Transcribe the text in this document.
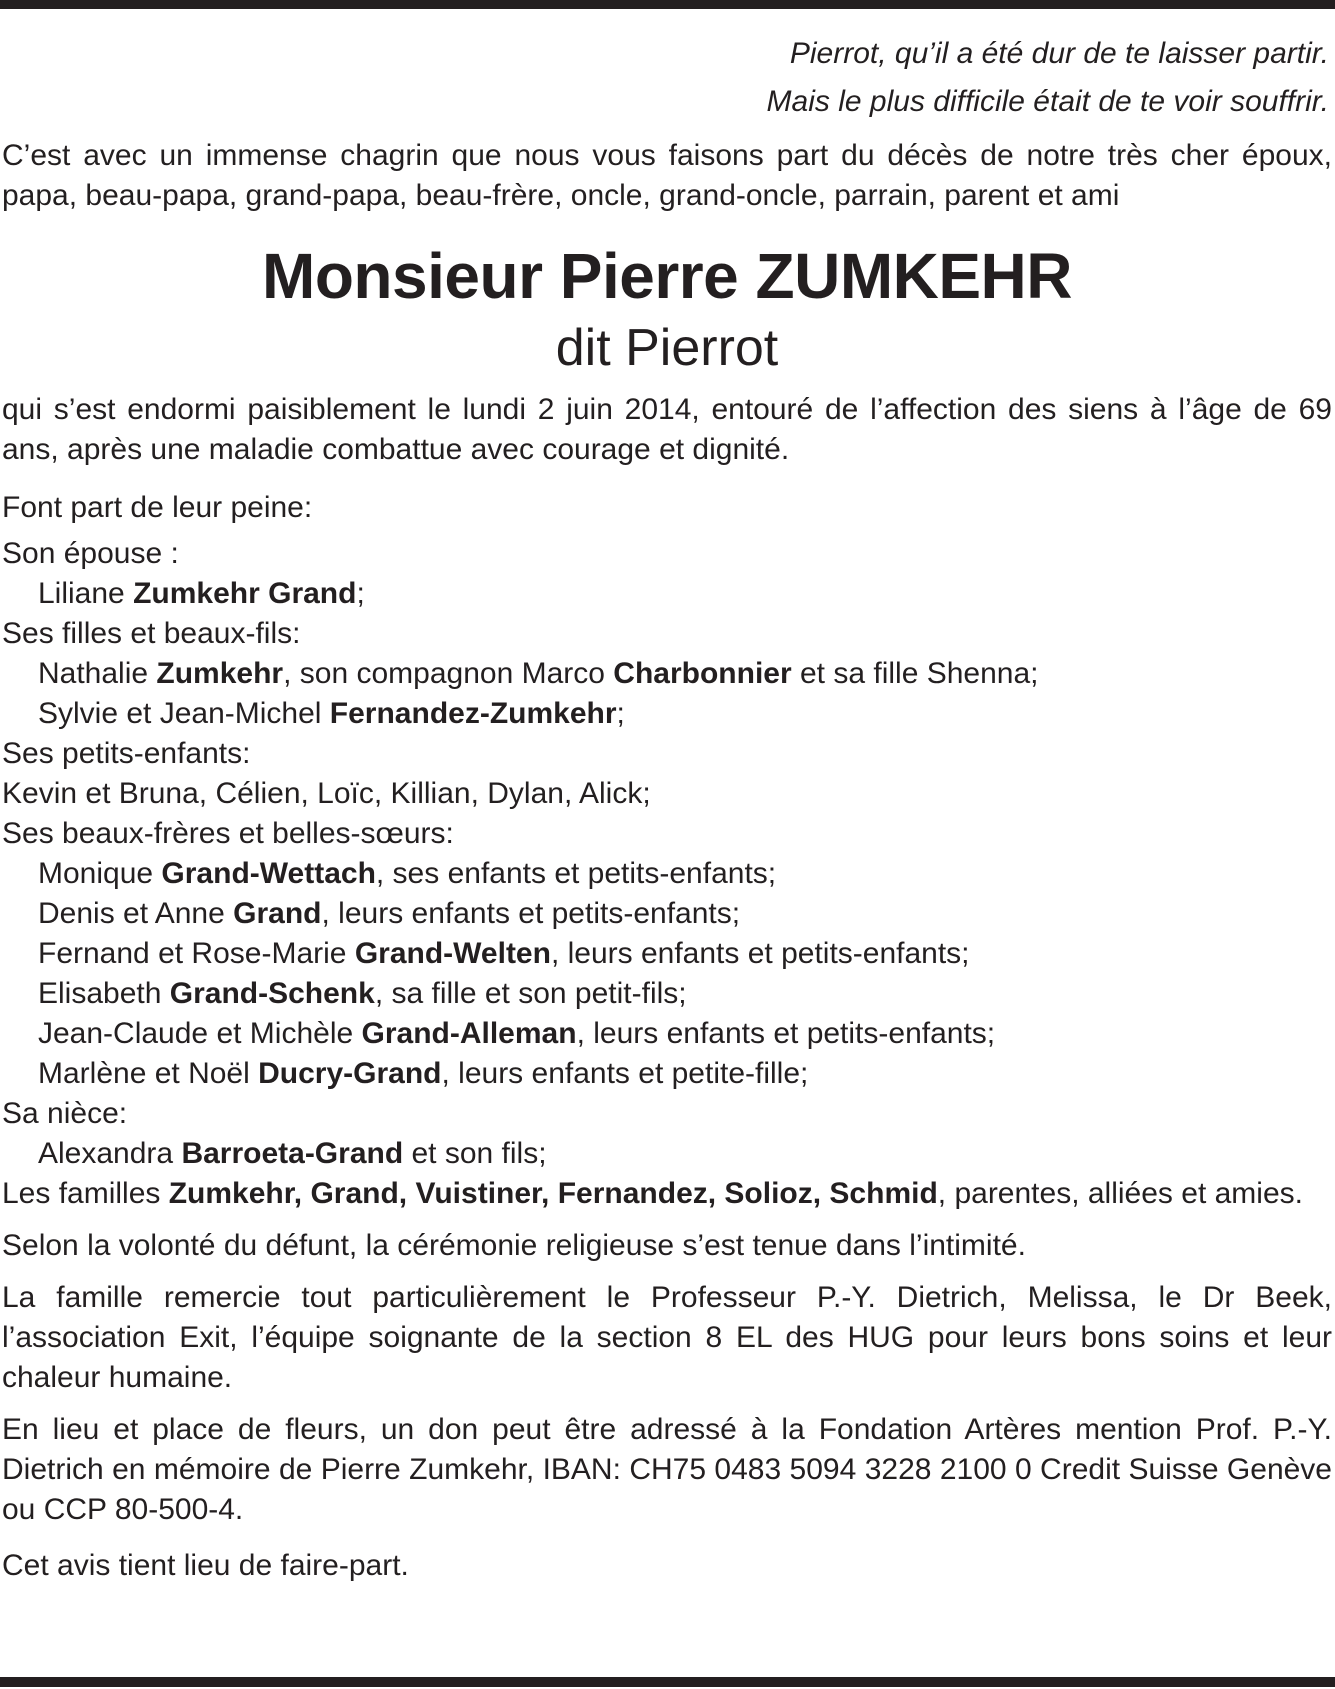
Pierrot, qu’il a été dur de te laisser partir.
Mais le plus difficile était de te voir souffrir.
C’est avec un immense chagrin que nous vous faisons part du décès de notre très cher époux, papa, beau-papa, grand-papa, beau-frère, oncle, grand-oncle, parrain, parent et ami
Monsieur Pierre ZUMKEHR
dit Pierrot
qui s’est endormi paisiblement le lundi 2 juin 2014, entouré de l’affection des siens à l’âge de 69 ans, après une maladie combattue avec courage et dignité.
Font part de leur peine:
Son épouse :
Liliane Zumkehr Grand;
Ses filles et beaux-fils:
Nathalie Zumkehr, son compagnon Marco Charbonnier et sa fille Shenna;
Sylvie et Jean-Michel Fernandez-Zumkehr;
Ses petits-enfants:
Kevin et Bruna, Célien, Loïc, Killian, Dylan, Alick;
Ses beaux-frères et belles-sœurs:
Monique Grand-Wettach, ses enfants et petits-enfants;
Denis et Anne Grand, leurs enfants et petits-enfants;
Fernand et Rose-Marie Grand-Welten, leurs enfants et petits-enfants;
Elisabeth Grand-Schenk, sa fille et son petit-fils;
Jean-Claude et Michèle Grand-Alleman, leurs enfants et petits-enfants;
Marlène et Noël Ducry-Grand, leurs enfants et petite-fille;
Sa nièce:
Alexandra Barroeta-Grand et son fils;
Les familles Zumkehr, Grand, Vuistiner, Fernandez, Solioz, Schmid, parentes, alliées et amies.
Selon la volonté du défunt, la cérémonie religieuse s’est tenue dans l’intimité.
La famille remercie tout particulièrement le Professeur P.-Y. Dietrich, Melissa, le Dr Beek, l’association Exit, l’équipe soignante de la section 8 EL des HUG pour leurs bons soins et leur chaleur humaine.
En lieu et place de fleurs, un don peut être adressé à la Fondation Artères mention Prof. P.-Y. Dietrich en mémoire de Pierre Zumkehr, IBAN: CH75 0483 5094 3228 2100 0 Credit Suisse Genève ou CCP 80-500-4.
Cet avis tient lieu de faire-part.
